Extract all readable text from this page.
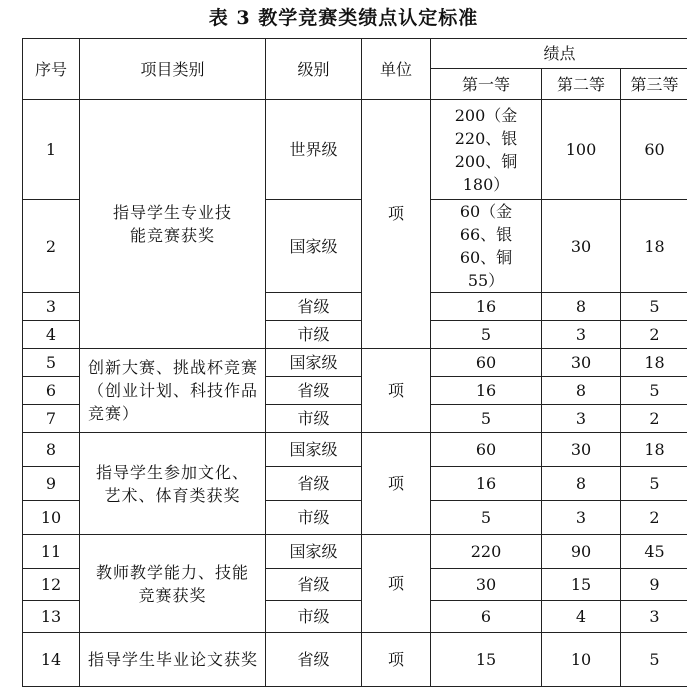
表 3 教学竞赛类绩点认定标准
序号	项目类别	级别	单位	绩点		
				第一等	第二等	第三等
1	指导学生专业技能竞赛获奖	世界级	项	200（金 220、银 200、铜 180）	100	60
2		国家级		60（金 66、银 60、铜 55）	30	18
3		省级		16	8	5
4		市级		5	3	2
5	创新大赛、挑战杯竞赛（创业计划、科技作品竞赛）	国家级	项	60	30	18
6		省级		16	8	5
7		市级		5	3	2
8	指导学生参加文化、艺术、体育类获奖	国家级	项	60	30	18
9		省级		16	8	5
10		市级		5	3	2
11	教师教学能力、技能竞赛获奖	国家级	项	220	90	45
12		省级		30	15	9
13		市级		6	4	3
14	指导学生毕业论文获奖	省级	项	15	10	5
